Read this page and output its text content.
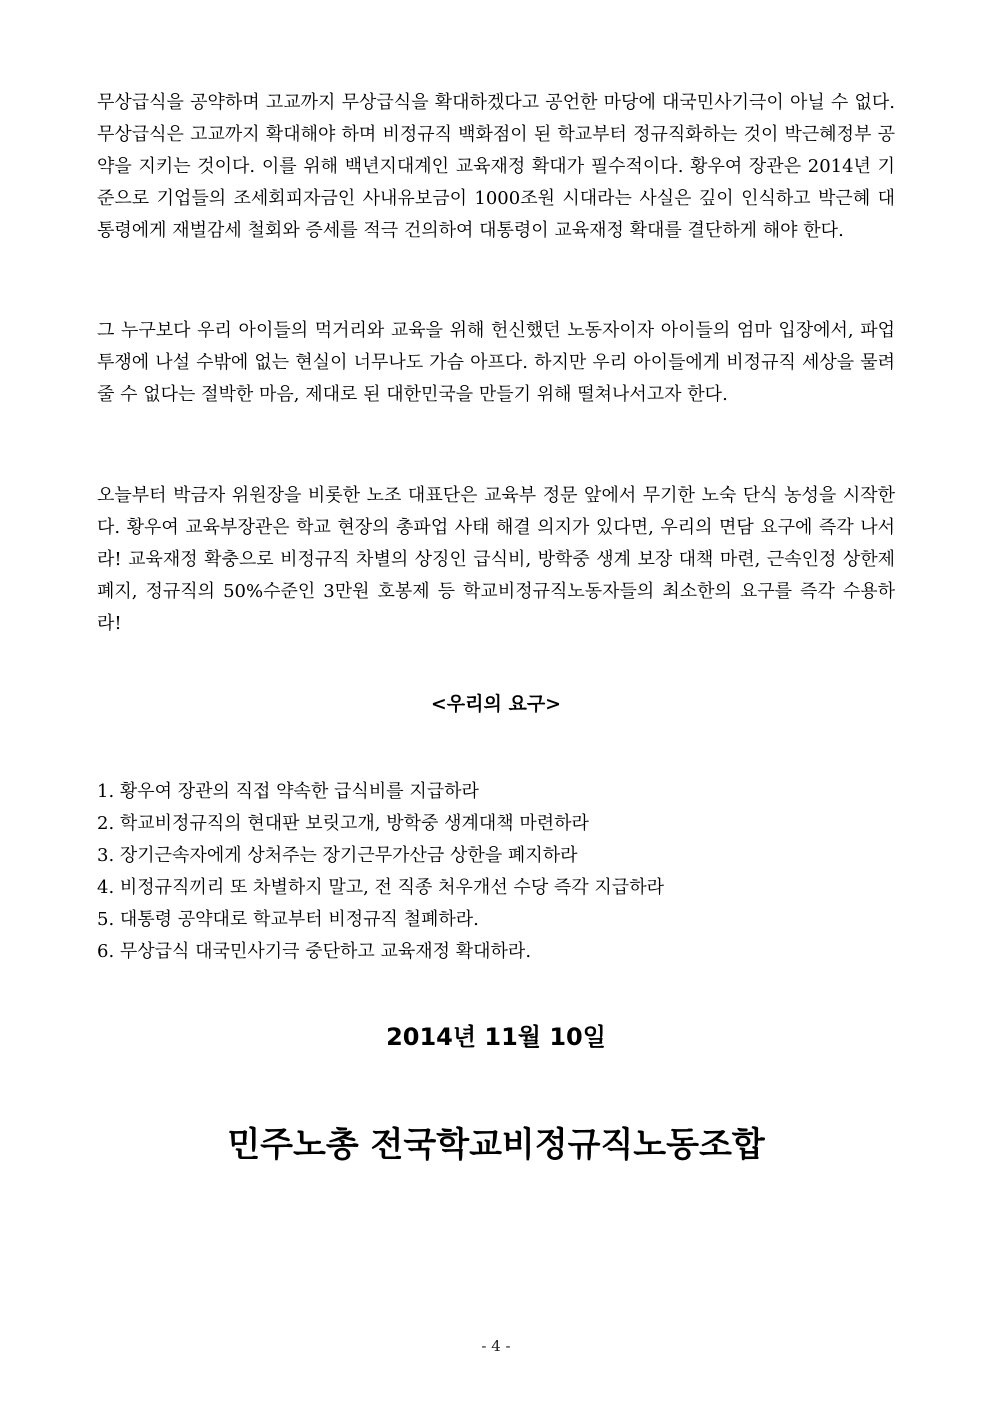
무상급식을 공약하며 고교까지 무상급식을 확대하겠다고 공언한 마당에 대국민사기극이 아닐 수 없다. 무상급식은 고교까지 확대해야 하며 비정규직 백화점이 된 학교부터 정규직화하는 것이 박근혜정부 공약을 지키는 것이다. 이를 위해 백년지대계인 교육재정 확대가 필수적이다. 황우여 장관은 2014년 기준으로 기업들의 조세회피자금인 사내유보금이 1000조원 시대라는 사실은 깊이 인식하고 박근혜 대통령에게 재벌감세 철회와 증세를 적극 건의하여 대통령이 교육재정 확대를 결단하게 해야 한다.

그 누구보다 우리 아이들의 먹거리와 교육을 위해 헌신했던 노동자이자 아이들의 엄마 입장에서, 파업투쟁에 나설 수밖에 없는 현실이 너무나도 가슴 아프다. 하지만 우리 아이들에게 비정규직 세상을 물려 줄 수 없다는 절박한 마음, 제대로 된 대한민국을 만들기 위해 떨쳐나서고자 한다.

오늘부터 박금자 위원장을 비롯한 노조 대표단은 교육부 정문 앞에서 무기한 노숙 단식 농성을 시작한다. 황우여 교육부장관은 학교 현장의 총파업 사태 해결 의지가 있다면, 우리의 면담 요구에 즉각 나서라! 교육재정 확충으로 비정규직 차별의 상징인 급식비, 방학중 생계 보장 대책 마련, 근속인정 상한제 폐지, 정규직의 50%수준인 3만원 호봉제 등 학교비정규직노동자들의 최소한의 요구를 즉각 수용하라!

<우리의 요구>
1. 황우여 장관의 직접 약속한 급식비를 지급하라
2. 학교비정규직의 현대판 보릿고개, 방학중 생계대책 마련하라
3. 장기근속자에게 상처주는 장기근무가산금 상한을 폐지하라
4. 비정규직끼리 또 차별하지 말고, 전 직종 처우개선 수당 즉각 지급하라
5. 대통령 공약대로 학교부터 비정규직 철폐하라.
6. 무상급식 대국민사기극 중단하고 교육재정 확대하라.

2014년 11월 10일

민주노총 전국학교비정규직노동조합

- 4 -
